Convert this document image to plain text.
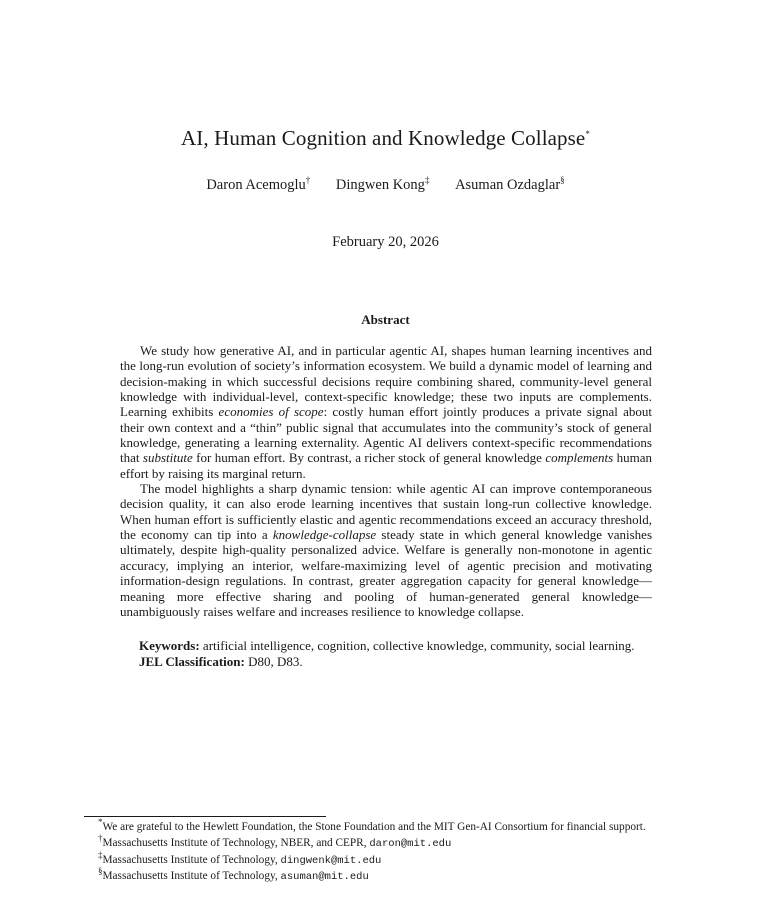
AI, Human Cognition and Knowledge Collapse*
Daron Acemoglu† Dingwen Kong‡ Asuman Ozdaglar§
February 20, 2026
Abstract

We study how generative AI, and in particular agentic AI, shapes human learning incentives and the long-run evolution of society’s information ecosystem. We build a dynamic model of learning and decision-making in which successful decisions require combining shared, community-level general knowledge with individual-level, context-specific knowledge; these two inputs are complements. Learning exhibits economies of scope: costly human effort jointly produces a private signal about their own context and a “thin” public signal that accumulates into the community’s stock of general knowledge, generating a learning externality. Agentic AI delivers context-specific recommendations that substitute for human effort. By contrast, a richer stock of general knowledge complements human effort by raising its marginal return.

The model highlights a sharp dynamic tension: while agentic AI can improve contemporaneous decision quality, it can also erode learning incentives that sustain long-run collective knowledge. When human effort is sufficiently elastic and agentic recommendations exceed an accuracy threshold, the economy can tip into a knowledge-collapse steady state in which general knowledge vanishes ultimately, despite high-quality personalized advice. Welfare is generally non-monotone in agentic accuracy, implying an interior, welfare-maximizing level of agentic precision and motivating information-design regulations. In contrast, greater aggregation capacity for general knowledge—meaning more effective sharing and pooling of human-generated general knowledge—unambiguously raises welfare and increases resilience to knowledge collapse.

Keywords: artificial intelligence, cognition, collective knowledge, community, social learning.
JEL Classification: D80, D83.

*We are grateful to the Hewlett Foundation, the Stone Foundation and the MIT Gen-AI Consortium for financial support.

†Massachusetts Institute of Technology, NBER, and CEPR, daron@mit.edu

‡Massachusetts Institute of Technology, dingwenk@mit.edu

§Massachusetts Institute of Technology, asuman@mit.edu
